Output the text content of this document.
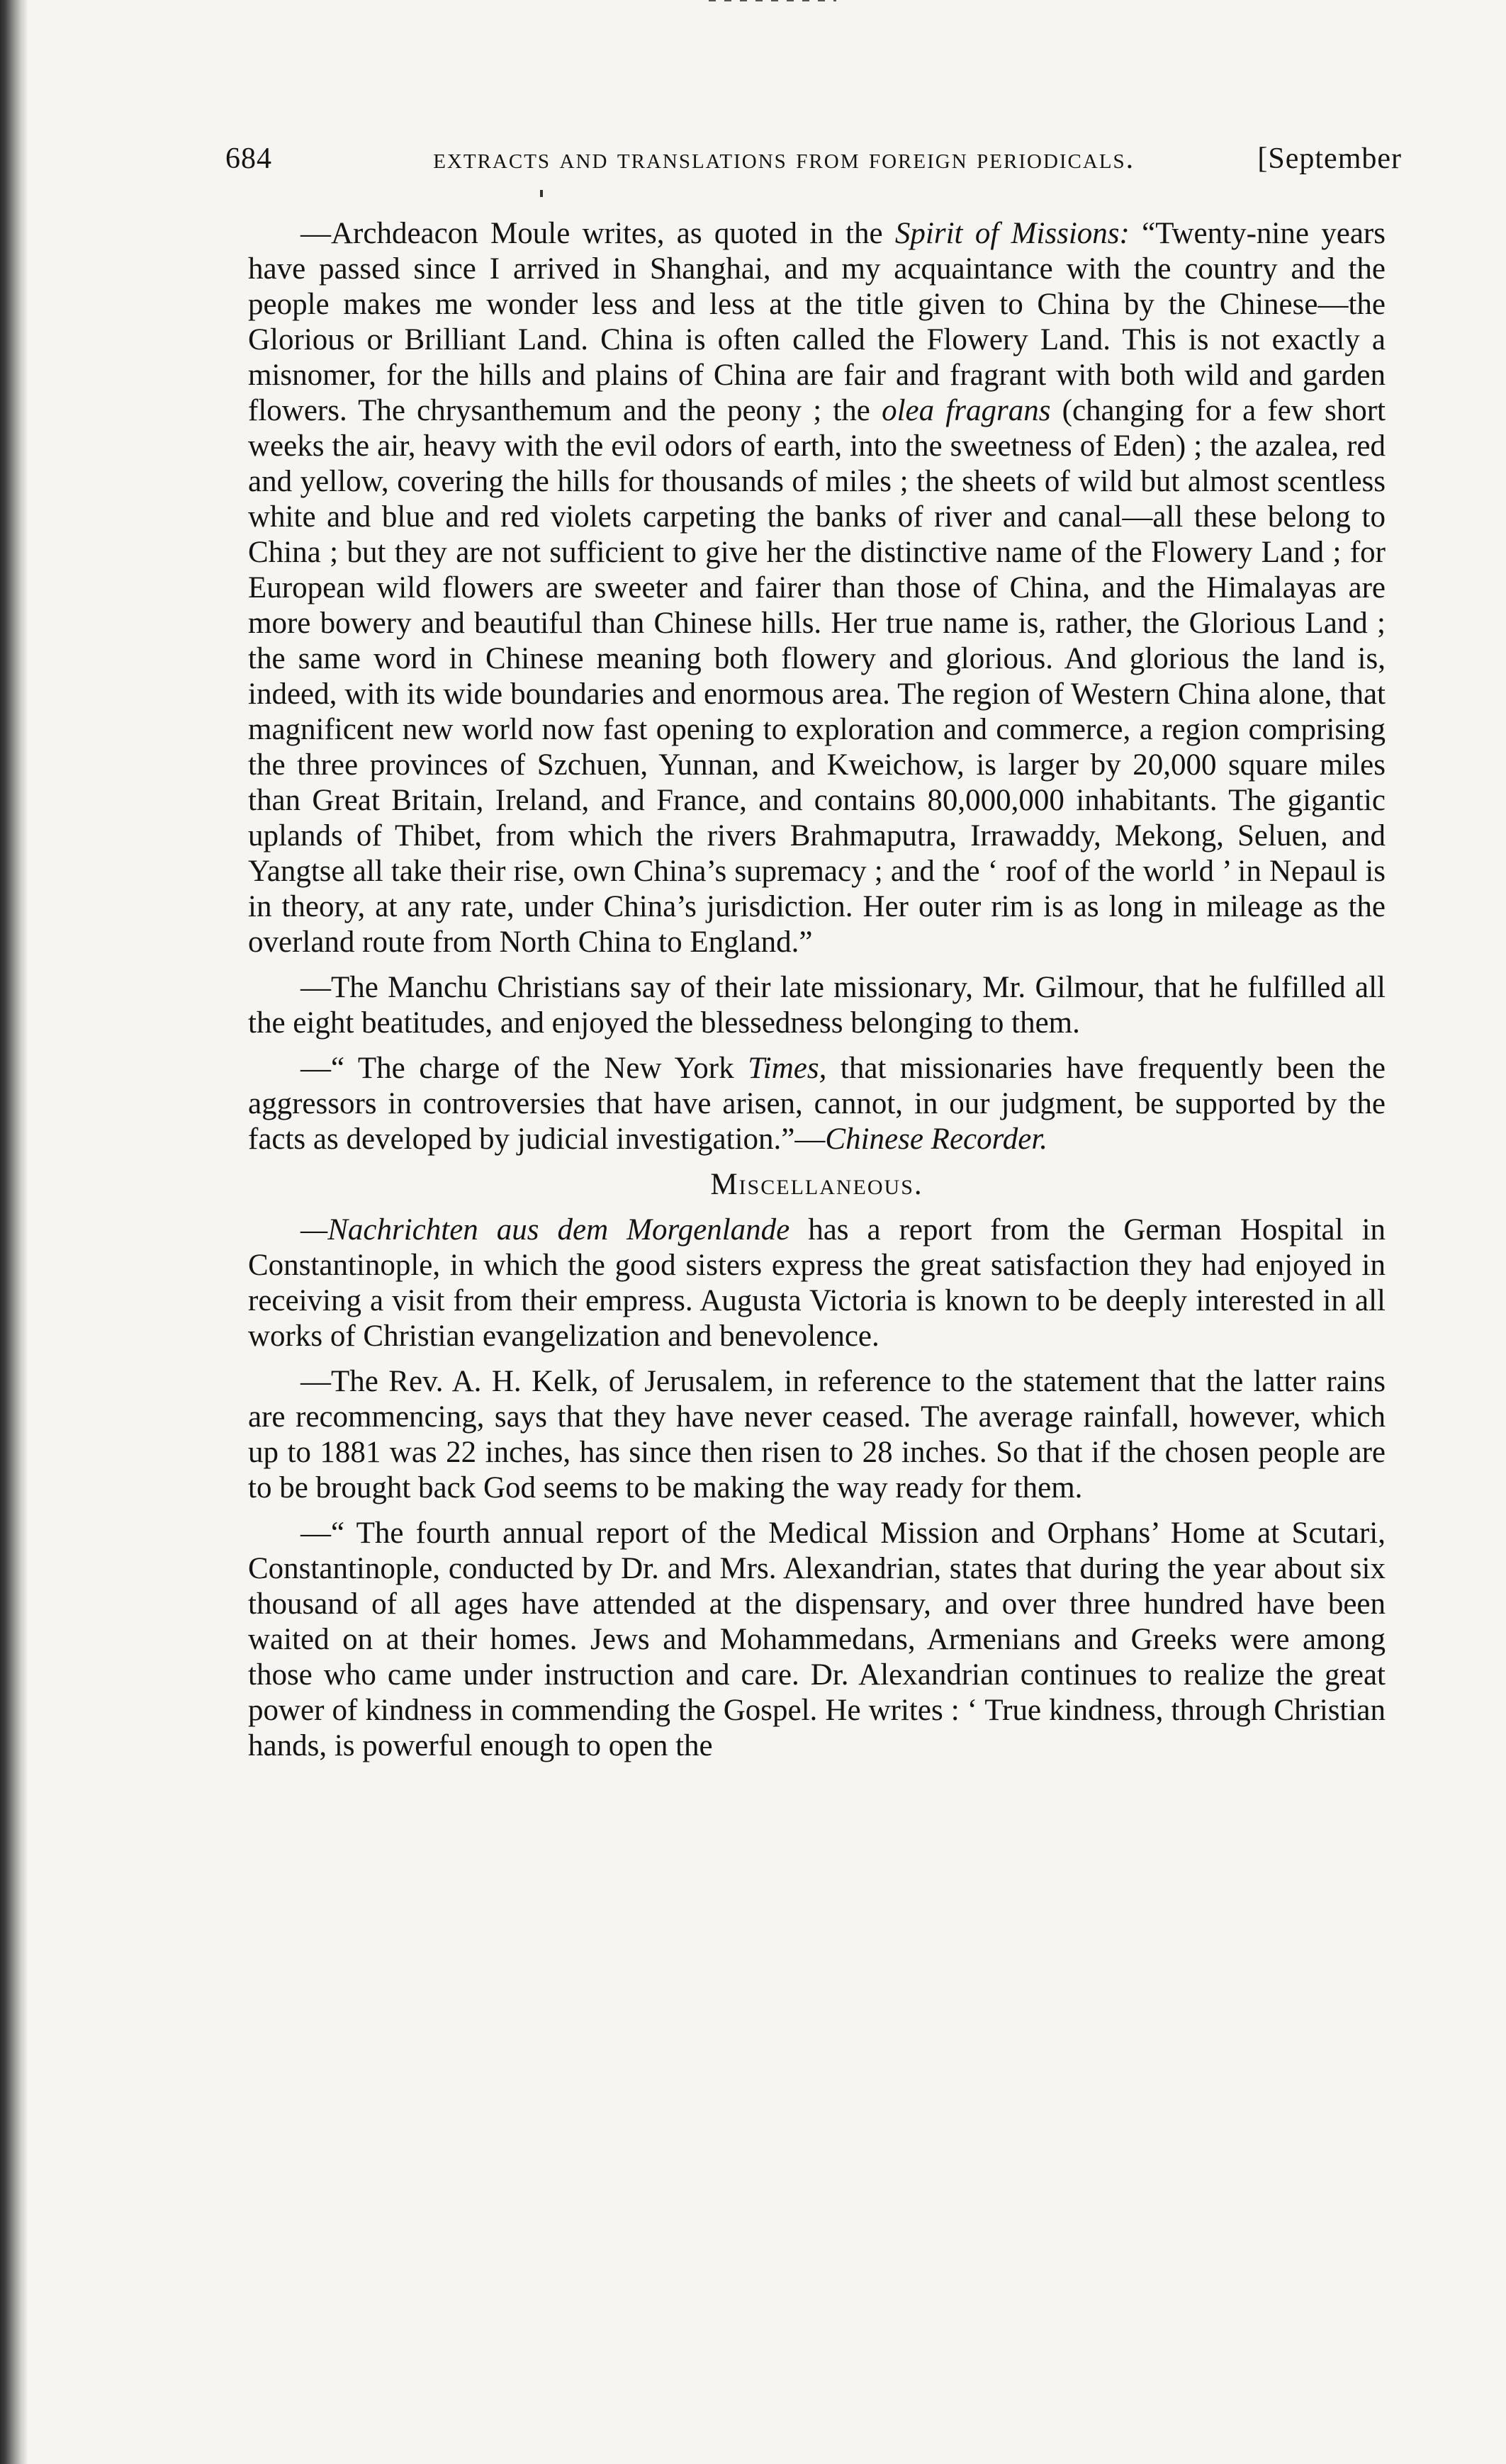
684	extracts and translations from foreign periodicals.	[September

—Archdeacon Moule writes, as quoted in the Spirit of Missions: “Twenty-nine years have passed since I arrived in Shanghai, and my acquaintance with the country and the people makes me wonder less and less at the title given to China by the Chinese—the Glorious or Brilliant Land. China is often called the Flowery Land. This is not exactly a misnomer, for the hills and plains of China are fair and fragrant with both wild and garden flowers. The chrysanthemum and the peony ; the olea fragrans (changing for a few short weeks the air, heavy with the evil odors of earth, into the sweetness of Eden) ; the azalea, red and yellow, covering the hills for thousands of miles ; the sheets of wild but almost scentless white and blue and red violets carpeting the banks of river and canal—all these belong to China ; but they are not sufficient to give her the distinctive name of the Flowery Land ; for European wild flowers are sweeter and fairer than those of China, and the Himalayas are more bowery and beautiful than Chinese hills. Her true name is, rather, the Glorious Land ; the same word in Chinese meaning both flowery and glorious. And glorious the land is, indeed, with its wide boundaries and enormous area. The region of Western China alone, that magnificent new world now fast opening to exploration and commerce, a region comprising the three provinces of Szchuen, Yunnan, and Kweichow, is larger by 20,000 square miles than Great Britain, Ireland, and France, and contains 80,000,000 inhabitants. The gigantic uplands of Thibet, from which the rivers Brahmaputra, Irrawaddy, Mekong, Seluen, and Yangtse all take their rise, own China’s supremacy ; and the ‘ roof of the world ’ in Nepaul is in theory, at any rate, under China’s jurisdiction. Her outer rim is as long in mileage as the overland route from North China to England.”

—The Manchu Christians say of their late missionary, Mr. Gilmour, that he fulfilled all the eight beatitudes, and enjoyed the blessedness belonging to them.

—“ The charge of the New York Times, that missionaries have frequently been the aggressors in controversies that have arisen, cannot, in our judgment, be supported by the facts as developed by judicial investigation.”—Chinese Recorder.

Miscellaneous.

—Nachrichten aus dem Morgenlande has a report from the German Hospital in Constantinople, in which the good sisters express the great satisfaction they had enjoyed in receiving a visit from their empress. Augusta Victoria is known to be deeply interested in all works of Christian evangelization and benevolence.

—The Rev. A. H. Kelk, of Jerusalem, in reference to the statement that the latter rains are recommencing, says that they have never ceased. The average rainfall, however, which up to 1881 was 22 inches, has since then risen to 28 inches. So that if the chosen people are to be brought back God seems to be making the way ready for them.

—“ The fourth annual report of the Medical Mission and Orphans’ Home at Scutari, Constantinople, conducted by Dr. and Mrs. Alexandrian, states that during the year about six thousand of all ages have attended at the dispensary, and over three hundred have been waited on at their homes. Jews and Mohammedans, Armenians and Greeks were among those who came under instruction and care. Dr. Alexandrian continues to realize the great power of kindness in commending the Gospel. He writes : ‘ True kindness, through Christian hands, is powerful enough to open the
